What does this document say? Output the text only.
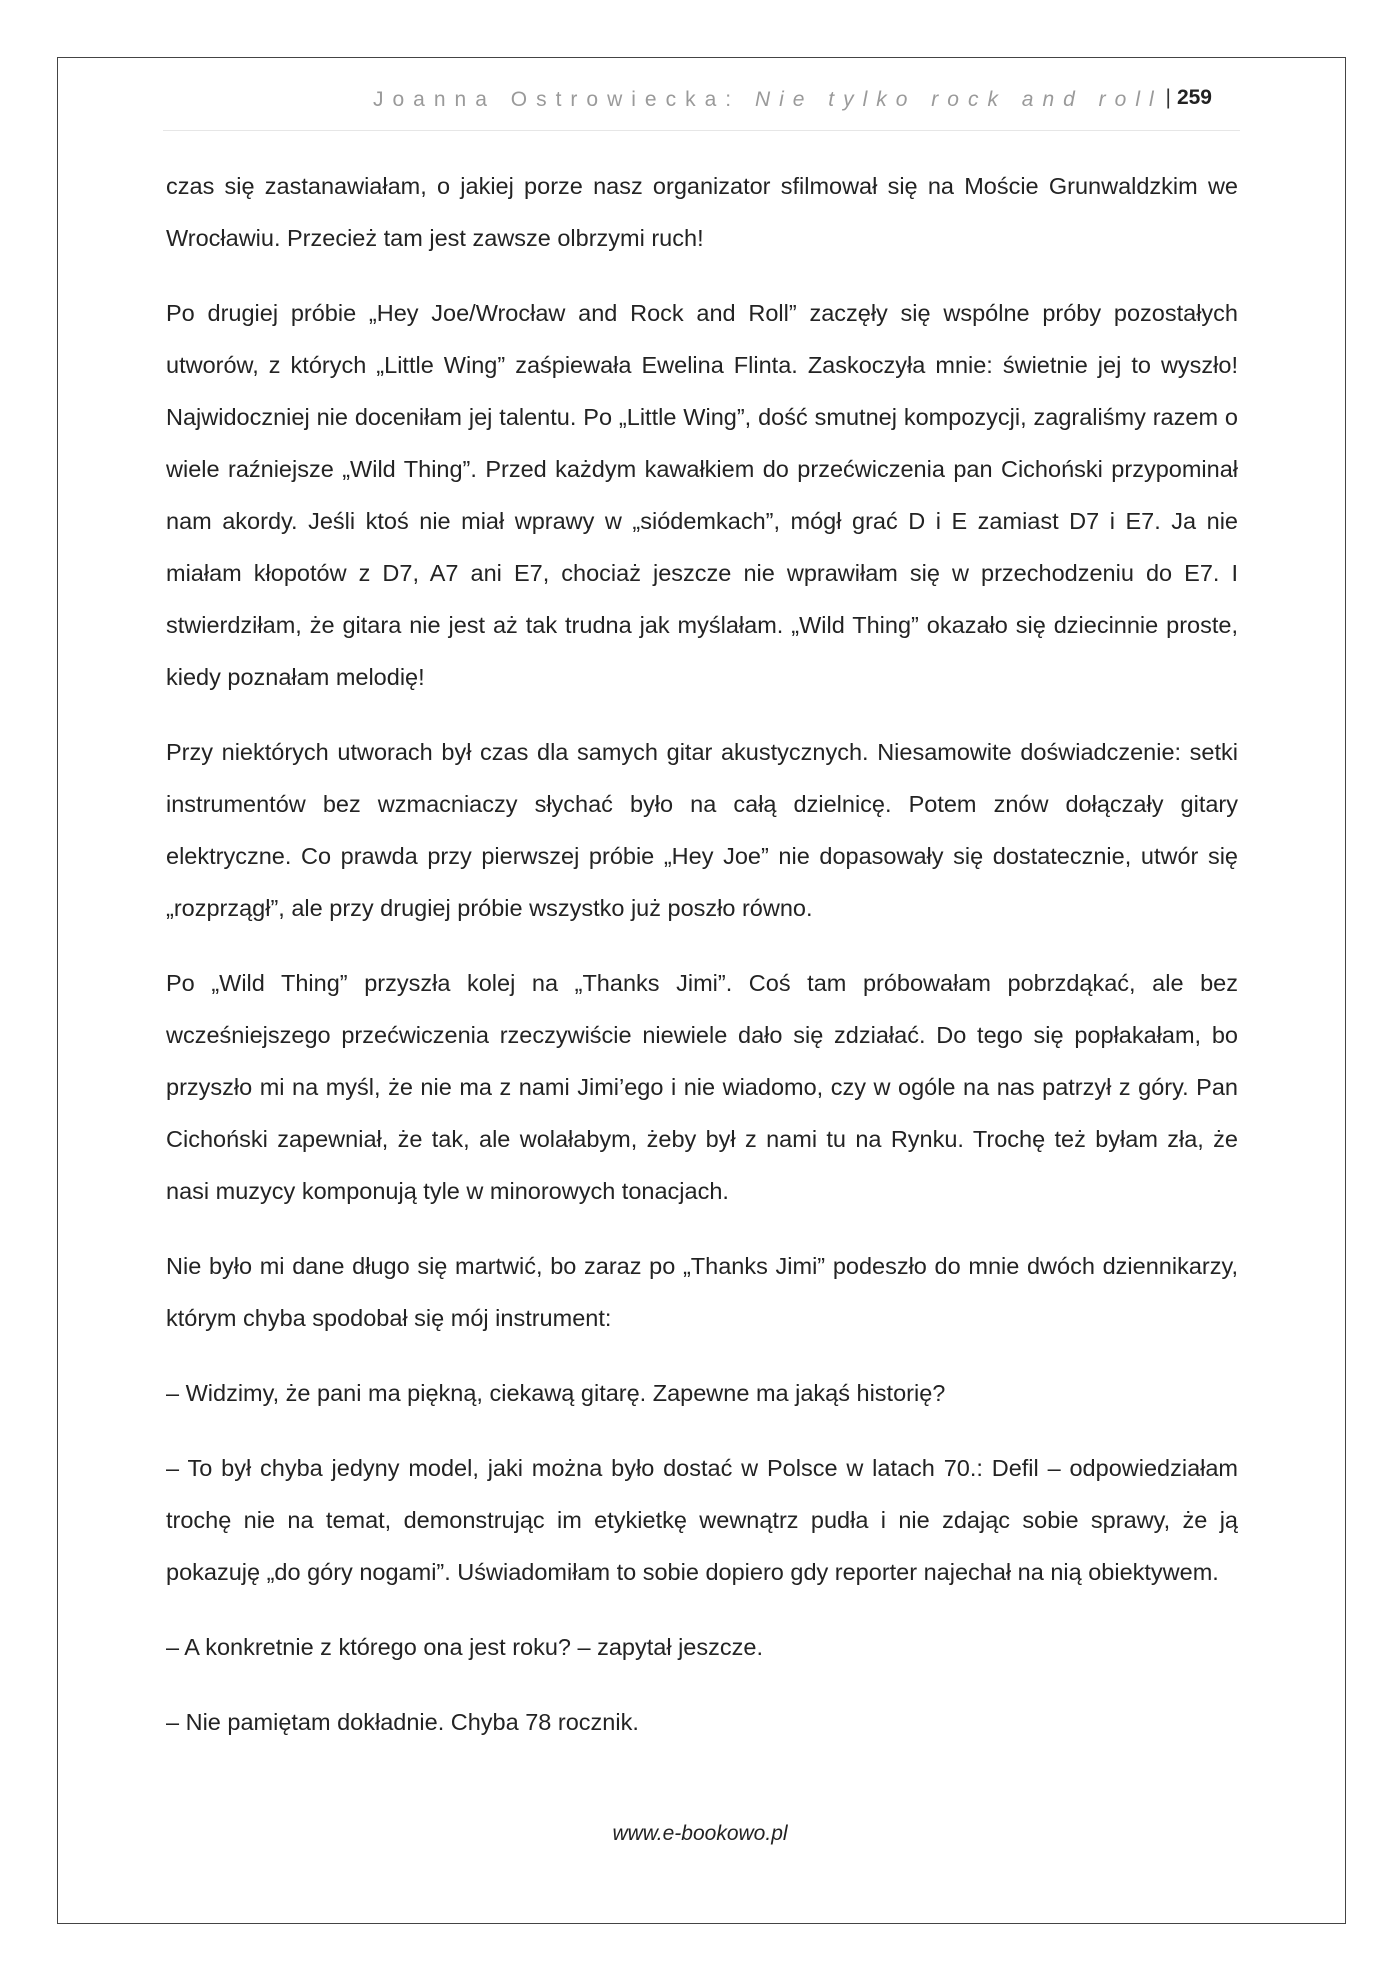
Joanna Ostrowiecka: Nie tylko rock and roll | 259

czas się zastanawiałam, o jakiej porze nasz organizator sfilmował się na Moście Grunwaldzkim we Wrocławiu. Przecież tam jest zawsze olbrzymi ruch!

Po drugiej próbie „Hey Joe/Wrocław and Rock and Roll” zaczęły się wspólne próby pozostałych utworów, z których „Little Wing” zaśpiewała Ewelina Flinta. Zaskoczyła mnie: świetnie jej to wyszło! Najwidoczniej nie doceniłam jej talentu. Po „Little Wing”, dość smutnej kompozycji, zagraliśmy razem o wiele raźniejsze „Wild Thing”. Przed każdym kawałkiem do przećwiczenia pan Cichoński przypominał nam akordy. Jeśli ktoś nie miał wprawy w „siódemkach”, mógł grać D i E zamiast D7 i E7. Ja nie miałam kłopotów z D7, A7 ani E7, chociaż jeszcze nie wprawiłam się w przechodzeniu do E7. I stwierdziłam, że gitara nie jest aż tak trudna jak myślałam. „Wild Thing” okazało się dziecinnie proste, kiedy poznałam melodię!

Przy niektórych utworach był czas dla samych gitar akustycznych. Niesamowite doświadczenie: setki instrumentów bez wzmacniaczy słychać było na całą dzielnicę. Potem znów dołączały gitary elektryczne. Co prawda przy pierwszej próbie „Hey Joe” nie dopasowały się dostatecznie, utwór się „rozprzągł”, ale przy drugiej próbie wszystko już poszło równo.

Po „Wild Thing” przyszła kolej na „Thanks Jimi”. Coś tam próbowałam pobrzdąkać, ale bez wcześniejszego przećwiczenia rzeczywiście niewiele dało się zdziałać. Do tego się popłakałam, bo przyszło mi na myśl, że nie ma z nami Jimi’ego i nie wiadomo, czy w ogóle na nas patrzył z góry. Pan Cichoński zapewniał, że tak, ale wolałabym, żeby był z nami tu na Rynku. Trochę też byłam zła, że nasi muzycy komponują tyle w minorowych tonacjach.

Nie było mi dane długo się martwić, bo zaraz po „Thanks Jimi” podeszło do mnie dwóch dziennikarzy, którym chyba spodobał się mój instrument:

– Widzimy, że pani ma piękną, ciekawą gitarę. Zapewne ma jakąś historię?

– To był chyba jedyny model, jaki można było dostać w Polsce w latach 70.: Defil – odpowiedziałam trochę nie na temat, demonstrując im etykietkę wewnątrz pudła i nie zdając sobie sprawy, że ją pokazuję „do góry nogami”. Uświadomiłam to sobie dopiero gdy reporter najechał na nią obiektywem.

– A konkretnie z którego ona jest roku? – zapytał jeszcze.

– Nie pamiętam dokładnie. Chyba 78 rocznik.

www.e-bookowo.pl
